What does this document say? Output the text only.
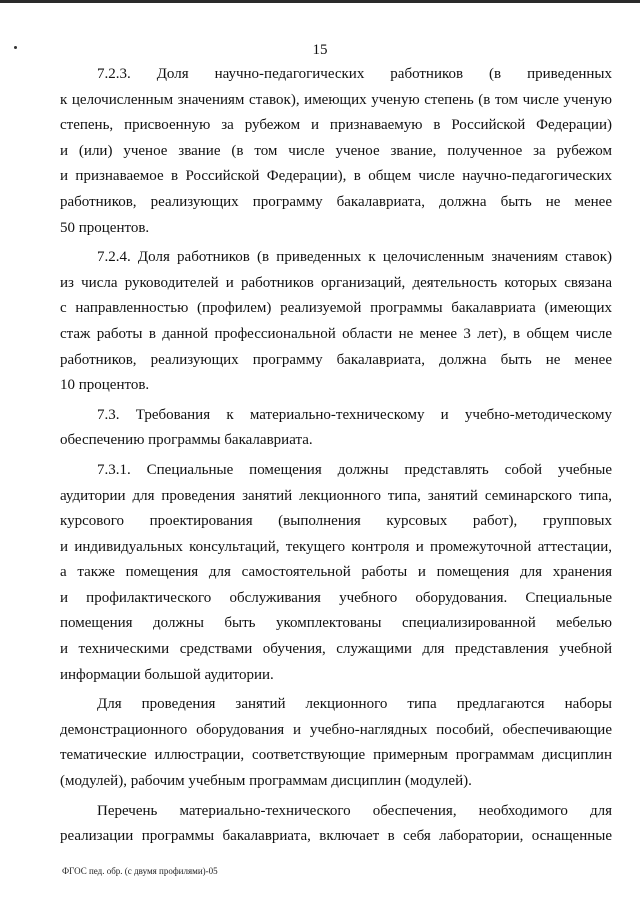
15
7.2.3. Доля научно-педагогических работников (в приведенных
к целочисленным значениям ставок), имеющих ученую степень (в том числе ученую
степень, присвоенную за рубежом и признаваемую в Российской Федерации)
и (или) ученое звание (в том числе ученое звание, полученное за рубежом
и признаваемое в Российской Федерации), в общем числе научно-педагогических
работников, реализующих программу бакалавриата, должна быть не менее
50 процентов.
7.2.4. Доля работников (в приведенных к целочисленным значениям ставок)
из числа руководителей и работников организаций, деятельность которых связана
с направленностью (профилем) реализуемой программы бакалавриата (имеющих
стаж работы в данной профессиональной области не менее 3 лет), в общем числе
работников, реализующих программу бакалавриата, должна быть не менее
10 процентов.
7.3. Требования к материально-техническому и учебно-методическому
обеспечению программы бакалавриата.
7.3.1. Специальные помещения должны представлять собой учебные
аудитории для проведения занятий лекционного типа, занятий семинарского типа,
курсового проектирования (выполнения курсовых работ), групповых
и индивидуальных консультаций, текущего контроля и промежуточной аттестации,
а также помещения для самостоятельной работы и помещения для хранения
и профилактического обслуживания учебного оборудования. Специальные
помещения должны быть укомплектованы специализированной мебелью
и техническими средствами обучения, служащими для представления учебной
информации большой аудитории.
Для проведения занятий лекционного типа предлагаются наборы
демонстрационного оборудования и учебно-наглядных пособий, обеспечивающие
тематические иллюстрации, соответствующие примерным программам дисциплин
(модулей), рабочим учебным программам дисциплин (модулей).
Перечень материально-технического обеспечения, необходимого для
реализации программы бакалавриата, включает в себя лаборатории, оснащенные
ФГОС пед. обр. (с двумя профилями)-05
